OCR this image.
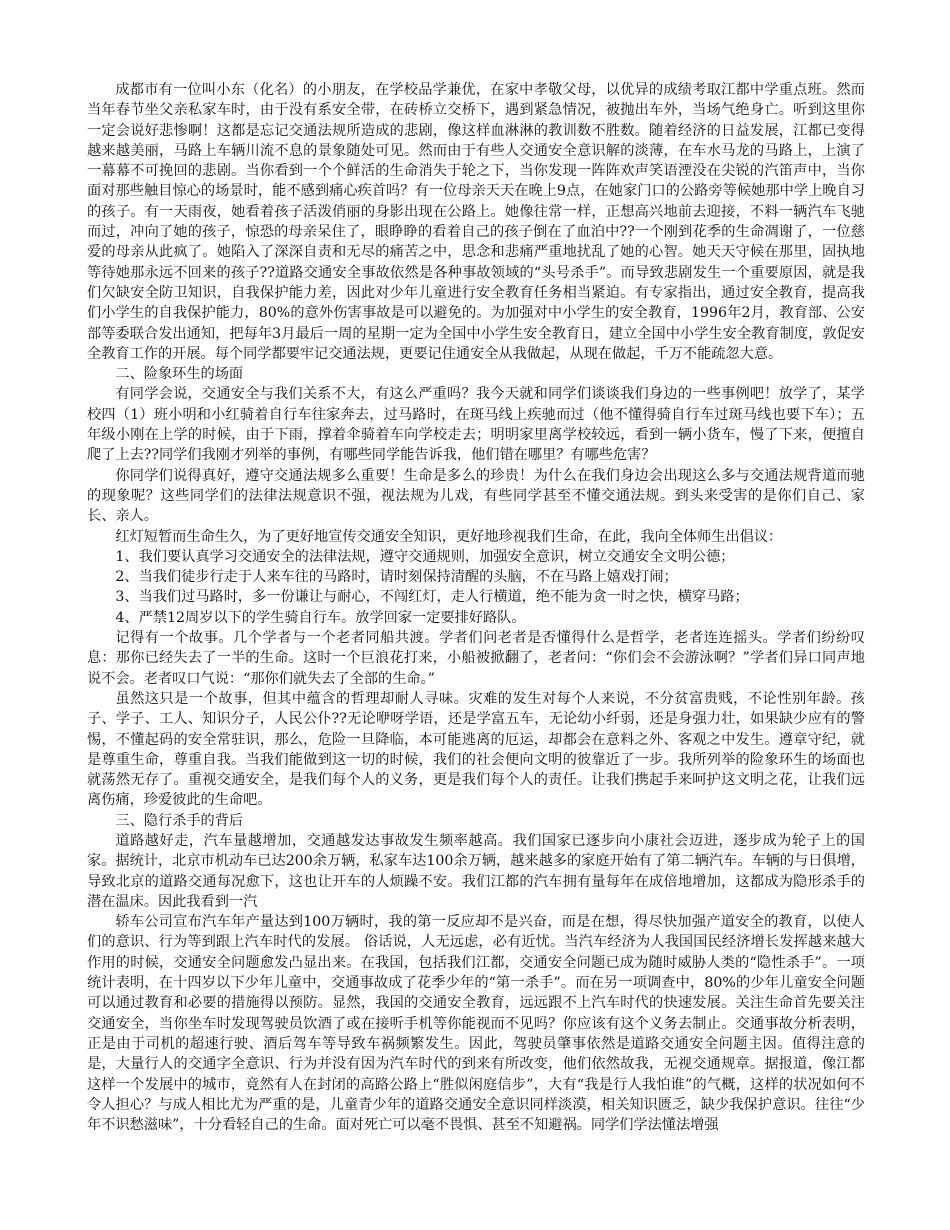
成都市有一位叫小东（化名）的小朋友，在学校品学兼优，在家中孝敬父母，以优异的成绩考取江都中学重点班。然而当年春节坐父亲私家车时，由于没有系安全带，在砖桥立交桥下，遇到紧急情况，被抛出车外，当场气绝身亡。听到这里你一定会说好悲惨啊！这都是忘记交通法规所造成的悲剧，像这样血淋淋的教训数不胜数。随着经济的日益发展，江都已变得越来越美丽，马路上车辆川流不息的景象随处可见。然而由于有些人交通安全意识解的淡薄，在车水马龙的马路上，上演了一幕幕不可挽回的悲剧。当你看到一个个鲜活的生命消失于轮之下，当你发现一阵阵欢声笑语湮没在尖锐的汽笛声中，当你面对那些触目惊心的场景时，能不感到痛心疾首吗？有一位母亲天天在晚上9点，在她家门口的公路旁等候她那中学上晚自习的孩子。有一天雨夜，她看着孩子活泼俏丽的身影出现在公路上。她像往常一样，正想高兴地前去迎接，不料一辆汽车飞驰而过，冲向了她的孩子，惊恐的母亲呆住了，眼睁睁的看着自己的孩子倒在了血泊中??一个刚到花季的生命凋谢了，一位慈爱的母亲从此疯了。她陷入了深深自责和无尽的痛苦之中，思念和悲痛严重地扰乱了她的心智。她天天守候在那里，固执地等待她那永远不回来的孩子??道路交通安全事故依然是各种事故领域的“头号杀手”。而导致悲剧发生一个重要原因，就是我们欠缺安全防卫知识，自我保护能力差，因此对少年儿童进行安全教育任务相当紧迫。有专家指出，通过安全教育，提高我们小学生的自我保护能力，80%的意外伤害事故是可以避免的。为加强对中小学生的安全教育，1996年2月，教育部、公安部等委联合发出通知，把每年3月最后一周的星期一定为全国中小学生安全教育日，建立全国中小学生安全教育制度，敦促安全教育工作的开展。每个同学都要牢记交通法规，更要记住通安全从我做起，从现在做起，千万不能疏忽大意。

二、险象环生的场面

有同学会说，交通安全与我们关系不大，有这么严重吗？我今天就和同学们谈谈我们身边的一些事例吧！放学了，某学校四（1）班小明和小红骑着自行车往家奔去，过马路时，在斑马线上疾驰而过（他不懂得骑自行车过斑马线也要下车）；五年级小刚在上学的时候，由于下雨，撑着伞骑着车向学校走去；明明家里离学校较远，看到一辆小货车，慢了下来，便擅自爬了上去??同学们我刚才列举的事例，有哪些同学能告诉我，他们错在哪里？有哪些危害？

你同学们说得真好，遵守交通法规多么重要！生命是多么的珍贵！为什么在我们身边会出现这么多与交通法规背道而驰的现象呢？这些同学们的法律法规意识不强，视法规为儿戏，有些同学甚至不懂交通法规。到头来受害的是你们自己、家长、亲人。

红灯短暂而生命生久，为了更好地宣传交通安全知识，更好地珍视我们生命，在此，我向全体师生出倡议：

1、我们要认真学习交通安全的法律法规，遵守交通规则，加强安全意识，树立交通安全文明公德；

2、当我们徒步行走于人来车往的马路时，请时刻保持清醒的头脑，不在马路上嬉戏打闹；

3、当我们过马路时，多一份谦让与耐心，不闯红灯，走人行横道，绝不能为贪一时之快，横穿马路；

4、严禁12周岁以下的学生骑自行车。放学回家一定要排好路队。

记得有一个故事。几个学者与一个老者同船共渡。学者们问老者是否懂得什么是哲学，老者连连摇头。学者们纷纷叹息：那你已经失去了一半的生命。这时一个巨浪花打来，小船被掀翻了，老者问：“你们会不会游泳啊？”学者们异口同声地说不会。老者叹口气说：“那你们就失去了全部的生命。”

虽然这只是一个故事，但其中蕴含的哲理却耐人寻味。灾难的发生对每个人来说，不分贫富贵贱，不论性别年龄。孩子、学子、工人、知识分子，人民公仆??无论咿呀学语，还是学富五车，无论幼小纤弱，还是身强力壮，如果缺少应有的警惕，不懂起码的安全常驻识，那么，危险一旦降临，本可能逃离的厄运，却都会在意料之外、客观之中发生。遵章守纪，就是尊重生命，尊重自我。当我们能做到这一切的时候，我们的社会便向文明的彼靠近了一步。我所列举的险象环生的场面也就荡然无存了。重视交通安全，是我们每个人的义务，更是我们每个人的责任。让我们携起手来呵护这文明之花，让我们远离伤痛，珍爱彼此的生命吧。

三、隐行杀手的背后

道路越好走，汽车量越增加，交通越发达事故发生频率越高。我们国家已逐步向小康社会迈进，逐步成为轮子上的国家。据统计，北京市机动车已达200余万辆，私家车达100余万辆，越来越多的家庭开始有了第二辆汽车。车辆的与日俱增，导致北京的道路交通每况愈下，这也让开车的人烦躁不安。我们江都的汽车拥有量每年在成倍地增加，这都成为隐形杀手的潜在温床。因此我看到一汽

轿车公司宣布汽车年产量达到100万辆时，我的第一反应却不是兴奋，而是在想，得尽快加强产道安全的教育，以使人们的意识、行为等到跟上汽车时代的发展。 俗话说，人无远虑，必有近忧。当汽车经济为人我国国民经济增长发挥越来越大作用的时候，交通安全问题愈发凸显出来。在我国，包括我们江都，交通安全问题已成为随时威胁人类的“隐性杀手”。一项统计表明，在十四岁以下少年儿童中，交通事故成了花季少年的“第一杀手”。而在另一项调查中，80%的少年儿童安全问题可以通过教育和必要的措施得以预防。显然，我国的交通安全教育，远远跟不上汽车时代的快速发展。关注生命首先要关注交通安全，当你坐车时发现驾驶员饮酒了或在接听手机等你能视而不见吗？你应该有这个义务去制止。交通事故分析表明，正是由于司机的超速行驶、酒后驾车等导致车祸频繁发生。因此，驾驶员肇事依然是道路交通安全问题主因。值得注意的是，大量行人的交通字全意识、行为并没有因为汽车时代的到来有所改变，他们依然故我，无视交通规章。据报道，像江都这样一个发展中的城市，竟然有人在封闭的高路公路上“胜似闲庭信步”，大有“我是行人我怕谁”的气概，这样的状况如何不令人担心？与成人相比尤为严重的是，儿童青少年的道路交通安全意识同样淡漠，相关知识匮乏，缺少我保护意识。往往“少年不识愁滋味”，十分看轻自己的生命。面对死亡可以毫不畏惧、甚至不知避祸。同学们学法懂法增强
